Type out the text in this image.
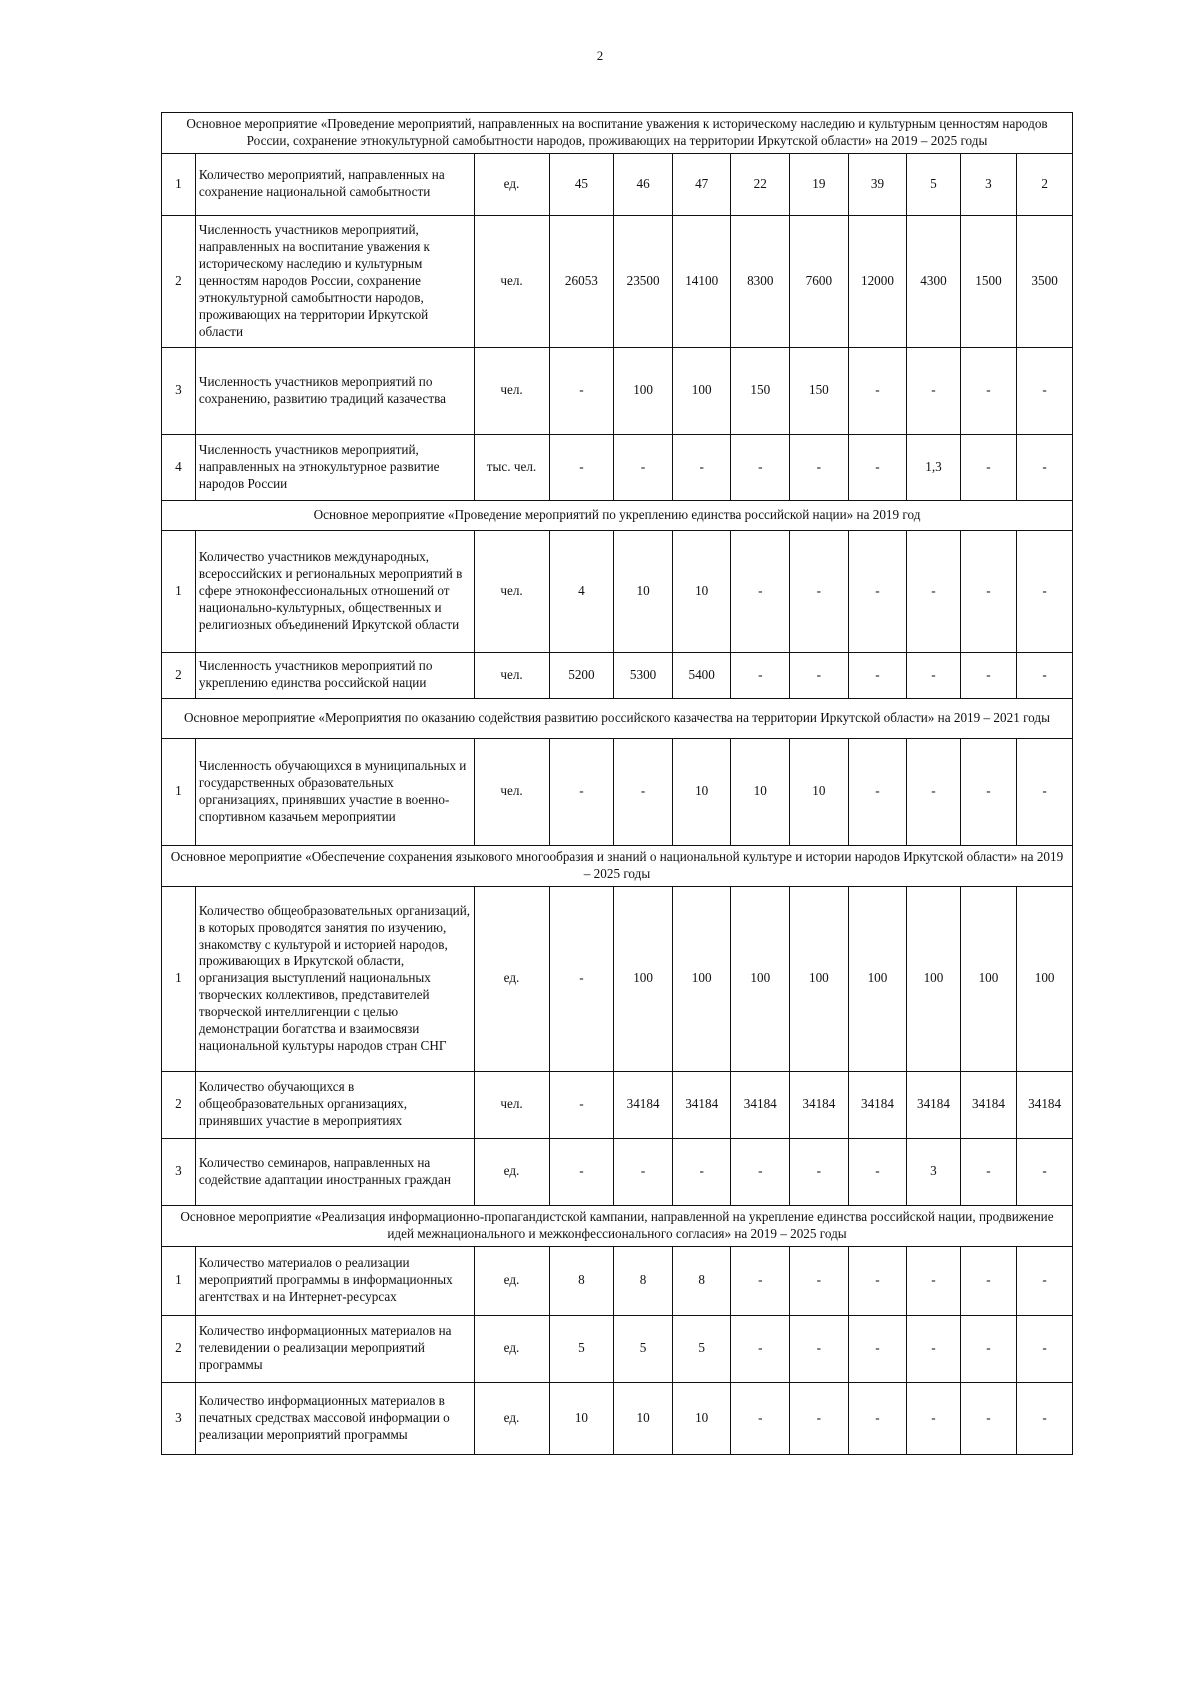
2
Основное мероприятие «Проведение мероприятий, направленных на воспитание уважения к историческому наследию и культурным ценностям народов России, сохранение этнокультурной самобытности народов, проживающих на территории Иркутской области» на 2019 – 2025 годы											
1	Количество мероприятий, направленных на сохранение национальной самобытности	ед.	45	46	47	22	19	39	5	3	2
2	Численность участников мероприятий, направленных на воспитание уважения к историческому наследию и культурным ценностям народов России, сохранение этнокультурной самобытности народов, проживающих на территории Иркутской области	чел.	26053	23500	14100	8300	7600	12000	4300	1500	3500
3	Численность участников мероприятий по сохранению, развитию традиций казачества	чел.	-	100	100	150	150	-	-	-	-
4	Численность участников мероприятий, направленных на этнокультурное развитие народов России	тыс. чел.	-	-	-	-	-	-	1,3	-	-
Основное мероприятие «Проведение мероприятий по укреплению единства российской нации» на 2019 год											
1	Количество участников международных, всероссийских и региональных мероприятий в сфере этноконфессиональных отношений от национально-культурных, общественных и религиозных объединений Иркутской области	чел.	4	10	10	-	-	-	-	-	-
2	Численность участников мероприятий по укреплению единства российской нации	чел.	5200	5300	5400	-	-	-	-	-	-
Основное мероприятие «Мероприятия по оказанию содействия развитию российского казачества на территории Иркутской области» на 2019 – 2021 годы											
1	Численность обучающихся в муниципальных и государственных образовательных организациях, принявших участие в военно-спортивном казачьем мероприятии	чел.	-	-	10	10	10	-	-	-	-
Основное мероприятие «Обеспечение сохранения языкового многообразия и знаний о национальной культуре и истории народов Иркутской области» на 2019 – 2025 годы											
1	Количество общеобразовательных организаций, в которых проводятся занятия по изучению, знакомству с культурой и историей народов, проживающих в Иркутской области, организация выступлений национальных творческих коллективов, представителей творческой интеллигенции с целью демонстрации богатства и взаимосвязи национальной культуры народов стран СНГ	ед.	-	100	100	100	100	100	100	100	100
2	Количество обучающихся в общеобразовательных организациях, принявших участие в мероприятиях	чел.	-	34184	34184	34184	34184	34184	34184	34184	34184
3	Количество семинаров, направленных на содействие адаптации иностранных граждан	ед.	-	-	-	-	-	-	3	-	-
Основное мероприятие «Реализация информационно-пропагандистской кампании, направленной на укрепление единства российской нации, продвижение идей межнационального и межконфессионального согласия» на 2019 – 2025 годы											
1	Количество материалов о реализации мероприятий программы в информационных агентствах и на Интернет-ресурсах	ед.	8	8	8	-	-	-	-	-	-
2	Количество информационных материалов на телевидении о реализации мероприятий программы	ед.	5	5	5	-	-	-	-	-	-
3	Количество информационных материалов в печатных средствах массовой информации о реализации мероприятий программы	ед.	10	10	10	-	-	-	-	-	-
